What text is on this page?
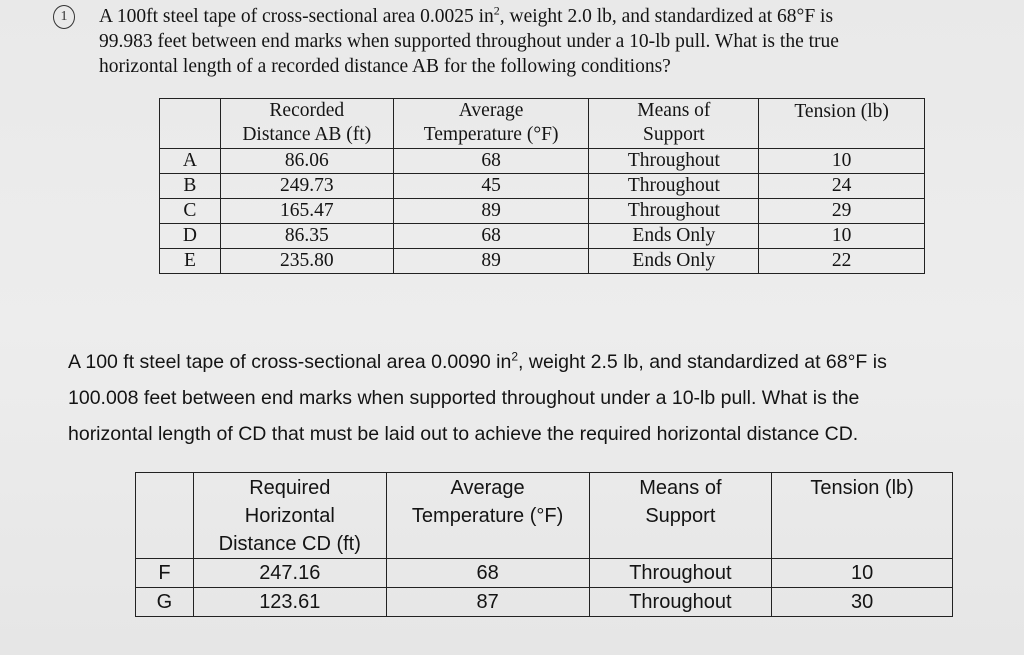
1	A 100ft steel tape of cross-sectional area 0.0025 $in^2$, weight 2.0 lb, and standardized at 68°F is
99.983 feet between end marks when supported throughout under a 10-lb pull. What is the true
horizontal length of a recorded distance AB for the following conditions?

	Recorded
Distance AB (ft)	Average
Temperature (°F)	Means of
Support	Tension (lb)

A	86.06	68	Throughout	10
B	249.73	45	Throughout	24
C	165.47	89	Throughout	29
D	86.35	68	Ends Only	10
E	235.80	89	Ends Only	22
A 100 ft steel tape of cross-sectional area 0.0090 $in^2$, weight 2.5 lb, and standardized at 68°F is
100.008 feet between end marks when supported throughout under a 10-lb pull. What is the
horizontal length of CD that must be laid out to achieve the required horizontal distance CD.

	Required
Horizontal
Distance CD (ft)	Average
Temperature (°F)	Means of
Support	Tension (lb)

F	247.16	68	Throughout	10
G	123.61	87	Throughout	30
